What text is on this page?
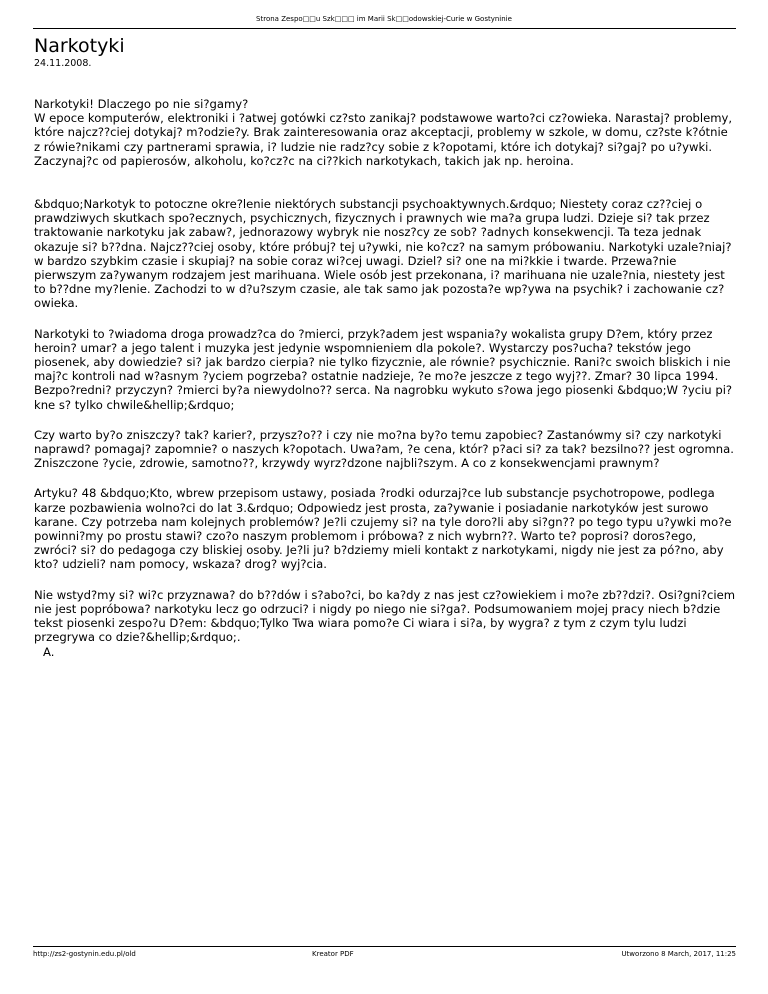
Strona Zespo□□u Szk□□□ im Marii Sk□□odowskiej-Curie w Gostyninie
Narkotyki
24.11.2008.

Narkotyki! Dlaczego po nie si?gamy?
W epoce komputerów, elektroniki i ?atwej gotówki cz?sto zanikaj? podstawowe warto?ci cz?owieka. Narastaj? problemy, które najcz??ciej dotykaj? m?odzie?y. Brak zainteresowania oraz akceptacji, problemy w szkole, w domu, cz?ste k?ótnie z rówie?nikami czy partnerami sprawia, i? ludzie nie radz?cy sobie z k?opotami, które ich dotykaj? si?gaj? po u?ywki. Zaczynaj?c od papierosów, alkoholu, ko?cz?c na ci??kich narkotykach, takich jak np. heroina.

&bdquo;Narkotyk to potoczne okre?lenie niektórych substancji psychoaktywnych.&rdquo; Niestety coraz cz??ciej o prawdziwych skutkach spo?ecznych, psychicznych, fizycznych i prawnych wie ma?a grupa ludzi. Dzieje si? tak przez traktowanie narkotyku jak zabaw?, jednorazowy wybryk nie nosz?cy ze sob? ?adnych konsekwencji. Ta teza jednak okazuje si? b??dna. Najcz??ciej osoby, które próbuj? tej u?ywki, nie ko?cz? na samym próbowaniu. Narkotyki uzale?niaj? w bardzo szybkim czasie i skupiaj? na sobie coraz wi?cej uwagi. Dziel? si? one na mi?kkie i twarde. Przewa?nie pierwszym za?ywanym rodzajem jest marihuana. Wiele osób jest przekonana, i? marihuana nie uzale?nia, niestety jest to b??dne my?lenie. Zachodzi to w d?u?szym czasie, ale tak samo jak pozosta?e wp?ywa na psychik? i zachowanie cz?owieka.

Narkotyki to ?wiadoma droga prowadz?ca do ?mierci, przyk?adem jest wspania?y wokalista grupy D?em, który przez heroin? umar? a jego talent i muzyka jest jedynie wspomnieniem dla pokole?. Wystarczy pos?ucha? tekstów jego piosenek, aby dowiedzie? si? jak bardzo cierpia? nie tylko fizycznie, ale równie? psychicznie. Rani?c swoich bliskich i nie maj?c kontroli nad w?asnym ?yciem pogrzeba? ostatnie nadzieje, ?e mo?e jeszcze z tego wyj??. Zmar? 30 lipca 1994. Bezpo?redni? przyczyn? ?mierci by?a niewydolno?? serca. Na nagrobku wykuto s?owa jego piosenki &bdquo;W ?yciu pi?kne s? tylko chwile&hellip;&rdquo;

Czy warto by?o zniszczy? tak? karier?, przysz?o?? i czy nie mo?na by?o temu zapobiec? Zastanówmy si? czy narkotyki naprawd? pomagaj? zapomnie? o naszych k?opotach. Uwa?am, ?e cena, któr? p?aci si? za tak? bezsilno?? jest ogromna. Zniszczone ?ycie, zdrowie, samotno??, krzywdy wyrz?dzone najbli?szym. A co z konsekwencjami prawnym?

Artyku? 48 &bdquo;Kto, wbrew przepisom ustawy, posiada ?rodki odurzaj?ce lub substancje psychotropowe, podlega karze pozbawienia wolno?ci do lat 3.&rdquo; Odpowiedz jest prosta, za?ywanie i posiadanie narkotyków jest surowo karane. Czy potrzeba nam kolejnych problemów? Je?li czujemy si? na tyle doro?li aby si?gn?? po tego typu u?ywki mo?e powinni?my po prostu stawi? czo?o naszym problemom i próbowa? z nich wybrn??. Warto te? poprosi? doros?ego, zwróci? si? do pedagoga czy bliskiej osoby. Je?li ju? b?dziemy mieli kontakt z narkotykami, nigdy nie jest za pó?no, aby kto? udzieli? nam pomocy, wskaza? drog? wyj?cia.

Nie wstyd?my si? wi?c przyznawa? do b??dów i s?abo?ci, bo ka?dy z nas jest cz?owiekiem i mo?e zb??dzi?. Osi?gni?ciem nie jest popróbowa? narkotyku lecz go odrzuci? i nigdy po niego nie si?ga?. Podsumowaniem mojej pracy niech b?dzie tekst piosenki zespo?u D?em: &bdquo;Tylko Twa wiara pomo?e Ci wiara i si?a, by wygra? z tym z czym tylu ludzi przegrywa co dzie?&hellip;&rdquo;.

A.

http://zs2-gostynin.edu.pl/old	Kreator PDF	Utworzono 8 March, 2017, 11:25
